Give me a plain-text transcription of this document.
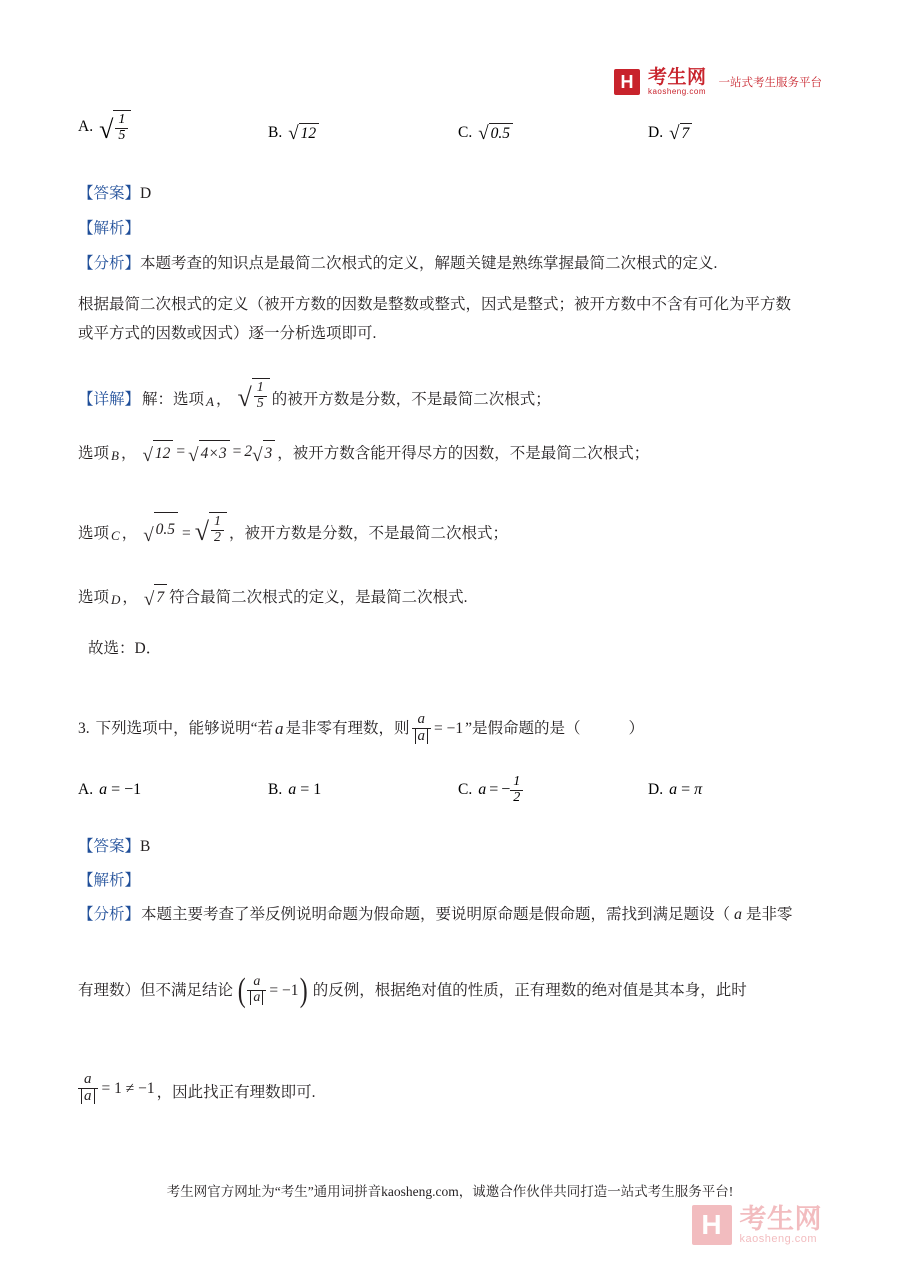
H 考生网
kaosheng.com
一站式考生服务平台
A. √ $\frac{1}{5}$	B. √ 12	C. √ 0.5	D. √ 7
【答案】D
【解析】
【分析】本题考查的知识点是最简二次根式的定义，解题关键是熟练掌握最简二次根式的定义.
根据最简二次根式的定义（被开方数的因数是整数或整式，因式是整式；被开方数中不含有可化为平方数
或平方式的因数或因式）逐一分析选项即可.
【详解】 解：选项 A ， √ $\frac{1}{5}$ 的被开方数是分数，不是最简二次根式；
选项 B ， √ 12 = √ 4×3 = 2 √ 3 ，被开方数含能开得尽方的因数，不是最简二次根式；
选项 C ， √ 0.5 = √ $\frac{1}{2}$ ，被开方数是分数，不是最简二次根式；
选项 D ， √ 7 符合最简二次根式的定义，是最简二次根式.
故选：D．
3. 下列选项中，能够说明“若 a 是非零有理数，则 $\frac{a}{a} = -1$ ”是假命题的是（	）
A. a = −1	B. a = 1	C. a = − $\frac{1}{2}$	D. a = π
【答案】B
【解析】
【分析】 本题主要考查了举反例说明命题为假命题，要说明原命题是假命题，需找到满足题设（ a 是非零
有理数）但不满足结论 ( $\frac{a}{a} = -1$ ) 的反例，根据绝对值的性质，正有理数的绝对值是其本身，此时
$\frac{a}{a} = 1 \ne -1$ ，因此找正有理数即可.
考生网官方网址为“考生”通用词拼音kaosheng.com，诚邀合作伙伴共同打造一站式考生服务平台!
H 考生网
kaosheng.com
